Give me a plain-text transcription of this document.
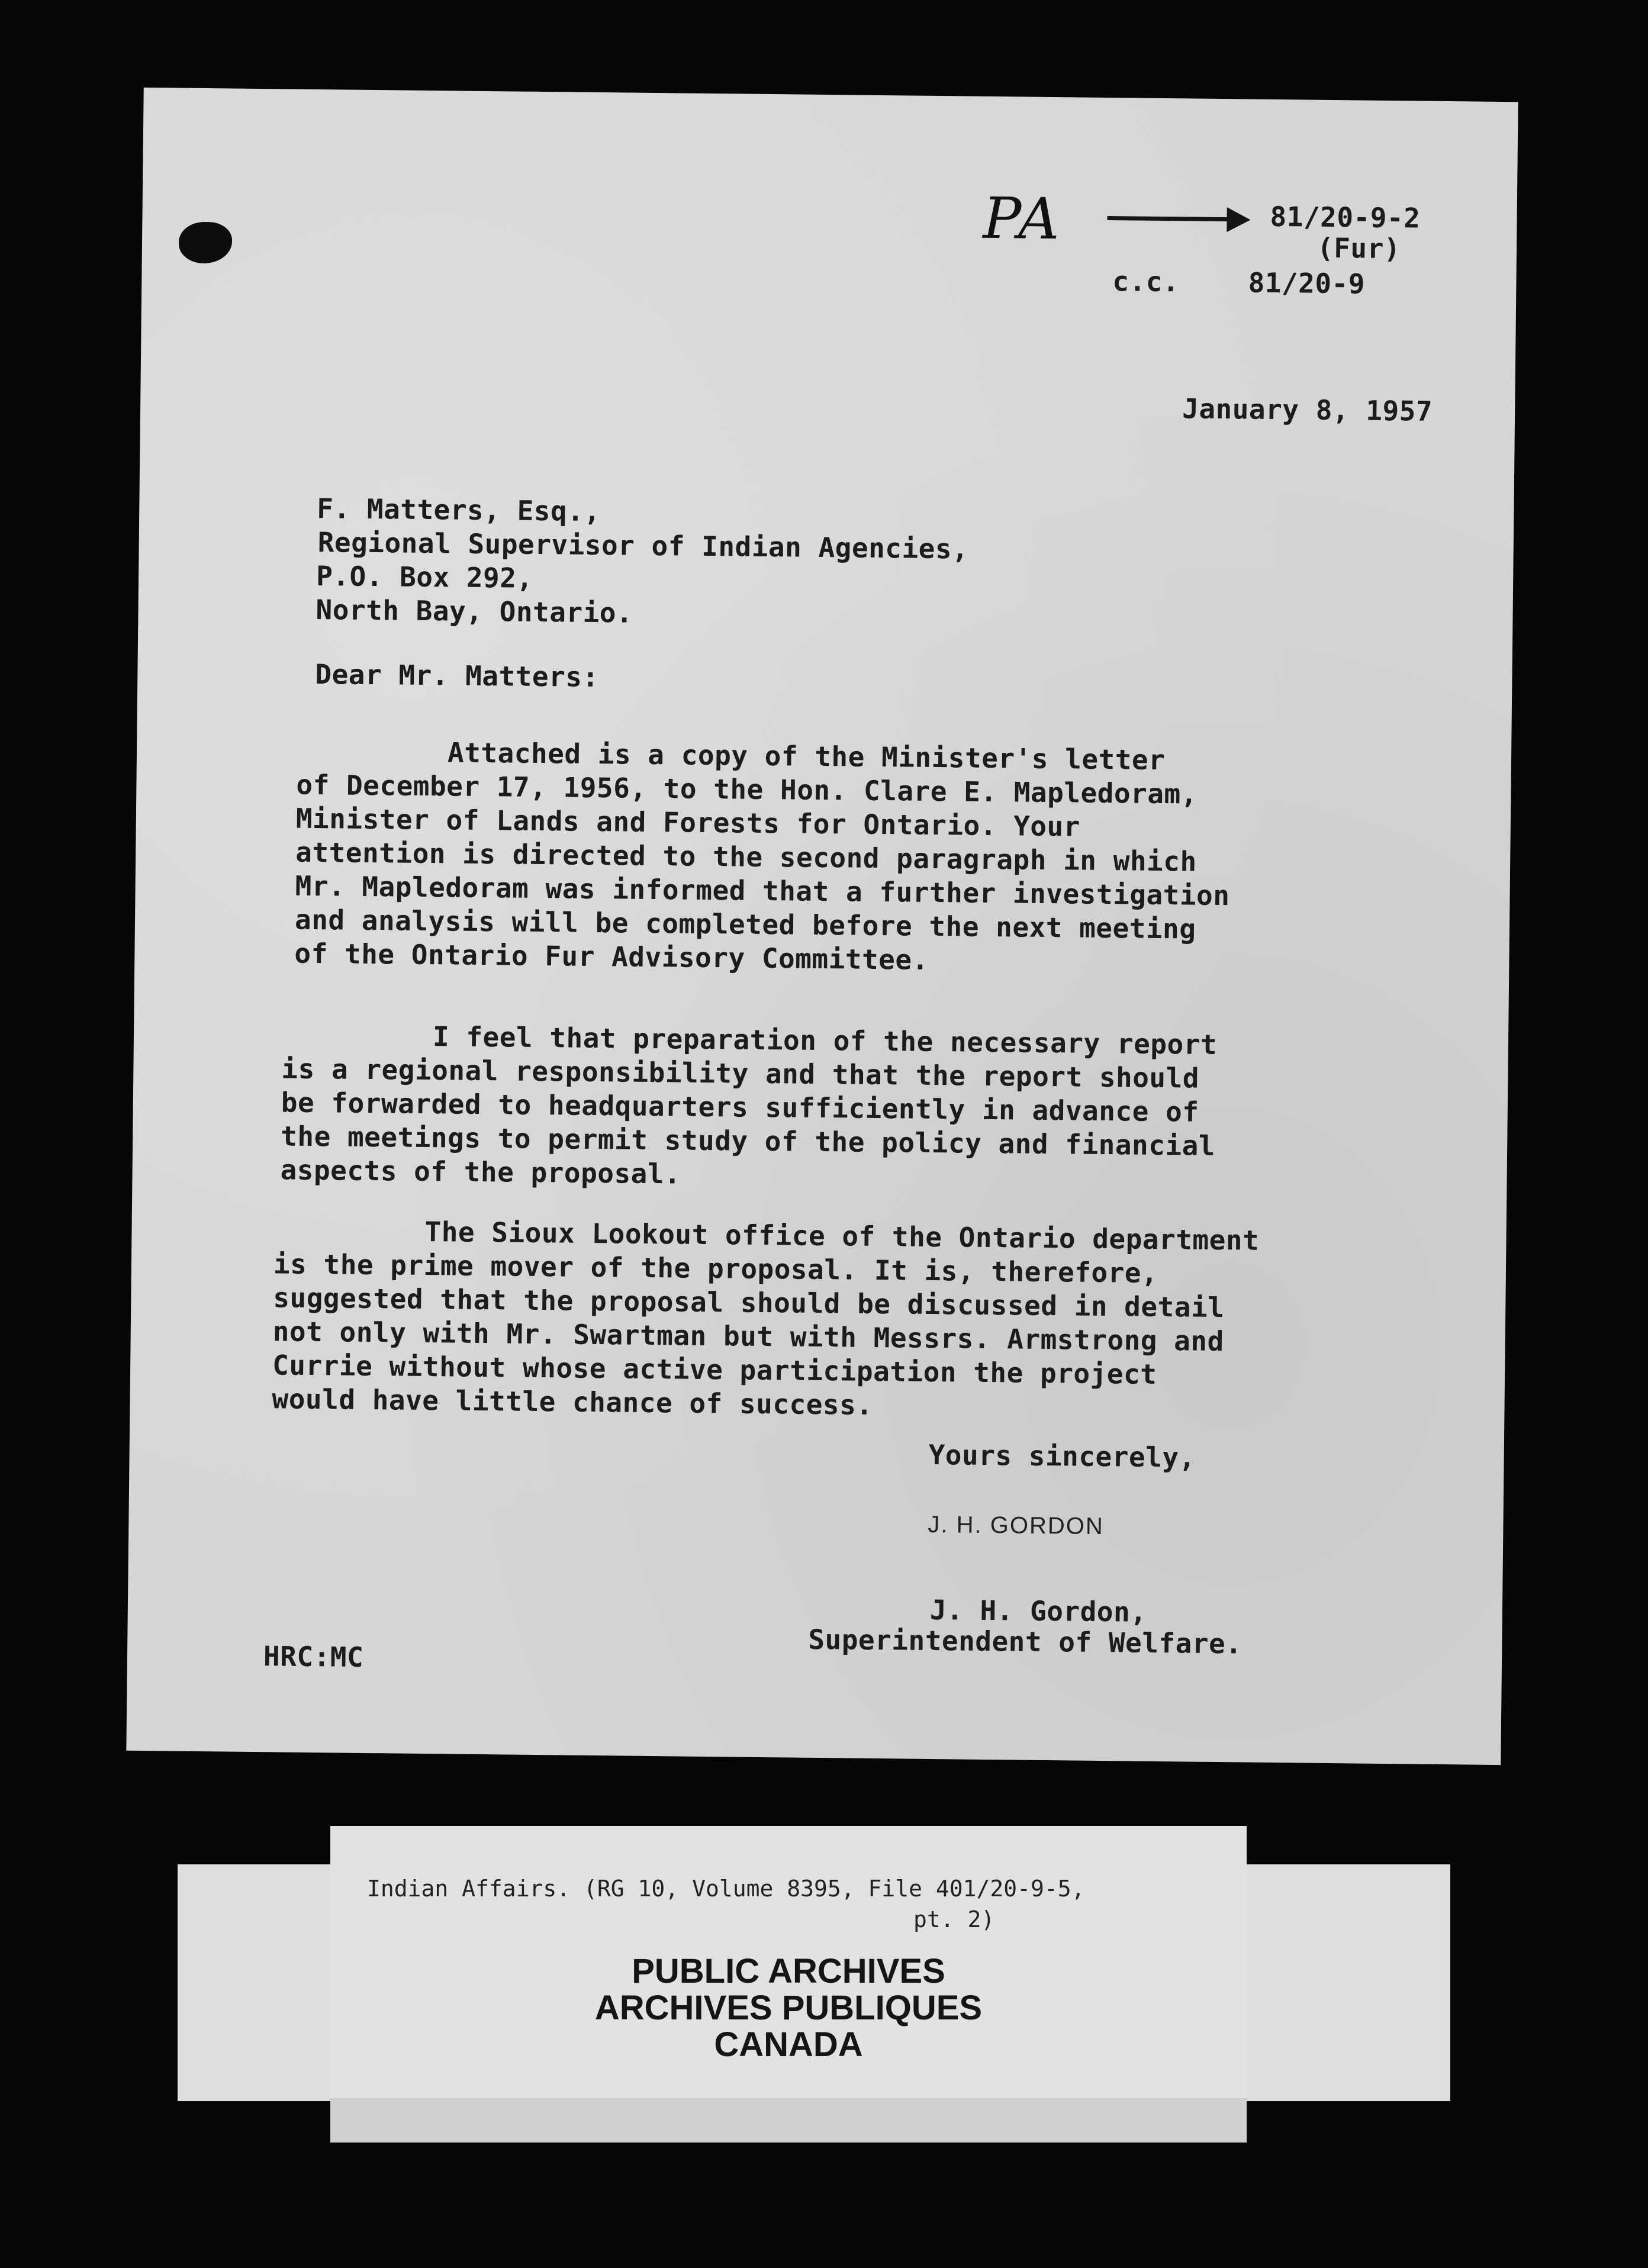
PA	81/20-9-2
(Fur)
c.c.	81/20-9
January 8, 1957
F. Matters, Esq.,
Regional Supervisor of Indian Agencies,
P.O. Box 292,
North Bay, Ontario.
Dear Mr. Matters:
Attached is a copy of the Minister's letter
of December 17, 1956, to the Hon. Clare E. Mapledoram,
Minister of Lands and Forests for Ontario. Your
attention is directed to the second paragraph in which
Mr. Mapledoram was informed that a further investigation
and analysis will be completed before the next meeting
of the Ontario Fur Advisory Committee.
I feel that preparation of the necessary report
is a regional responsibility and that the report should
be forwarded to headquarters sufficiently in advance of
the meetings to permit study of the policy and financial
aspects of the proposal.
The Sioux Lookout office of the Ontario department
is the prime mover of the proposal. It is, therefore,
suggested that the proposal should be discussed in detail
not only with Mr. Swartman but with Messrs. Armstrong and
Currie without whose active participation the project
would have little chance of success.
Yours sincerely,
J. H. GORDON
J. H. Gordon,
Superintendent of Welfare.
HRC:MC
Indian Affairs. (RG 10, Volume 8395, File 401/20-9-5,
pt. 2)
PUBLIC ARCHIVES
ARCHIVES PUBLIQUES
CANADA
